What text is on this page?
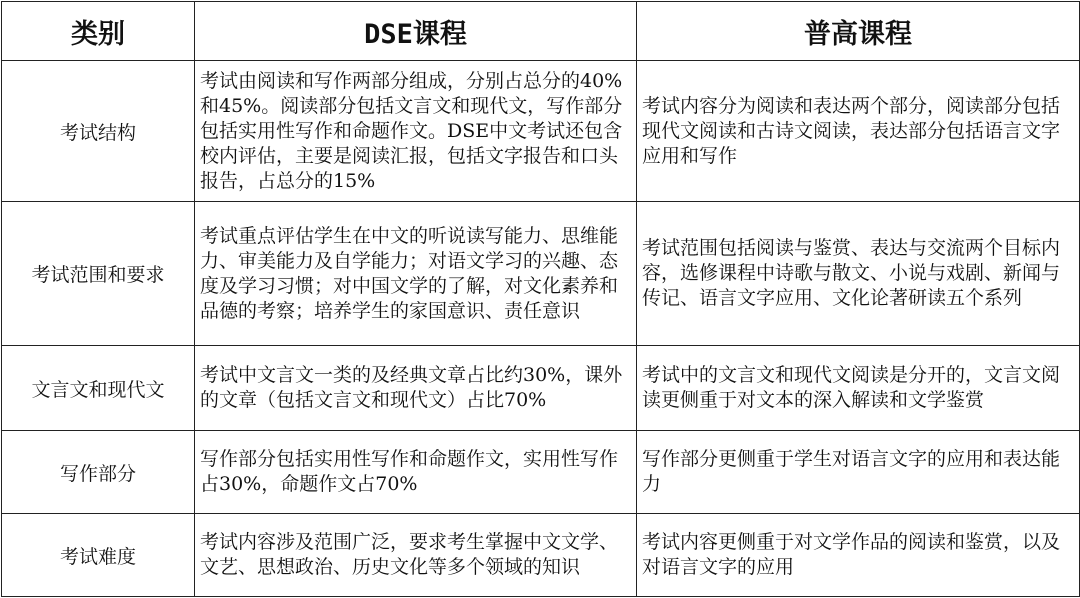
类别	DSE课程	普高课程
考试结构	考试由阅读和写作两部分组成，分别占总分的40%和45%。阅读部分包括文言文和现代文，写作部分包括实用性写作和命题作文。DSE中文考试还包含校内评估，主要是阅读汇报，包括文字报告和口头报告，占总分的15%	考试内容分为阅读和表达两个部分，阅读部分包括现代文阅读和古诗文阅读，表达部分包括语言文字应用和写作
考试范围和要求	考试重点评估学生在中文的听说读写能力、思维能力、审美能力及自学能力；对语文学习的兴趣、态度及学习习惯；对中国文学的了解，对文化素养和品德的考察；培养学生的家国意识、责任意识	考试范围包括阅读与鉴赏、表达与交流两个目标内容，选修课程中诗歌与散文、小说与戏剧、新闻与传记、语言文字应用、文化论著研读五个系列
文言文和现代文	考试中文言文一类的及经典文章占比约30%，课外的文章（包括文言文和现代文）占比70%	考试中的文言文和现代文阅读是分开的，文言文阅读更侧重于对文本的深入解读和文学鉴赏
写作部分	写作部分包括实用性写作和命题作文，实用性写作占30%，命题作文占70%	写作部分更侧重于学生对语言文字的应用和表达能力
考试难度	考试内容涉及范围广泛，要求考生掌握中文文学、文艺、思想政治、历史文化等多个领域的知识	考试内容更侧重于对文学作品的阅读和鉴赏，以及对语言文字的应用
